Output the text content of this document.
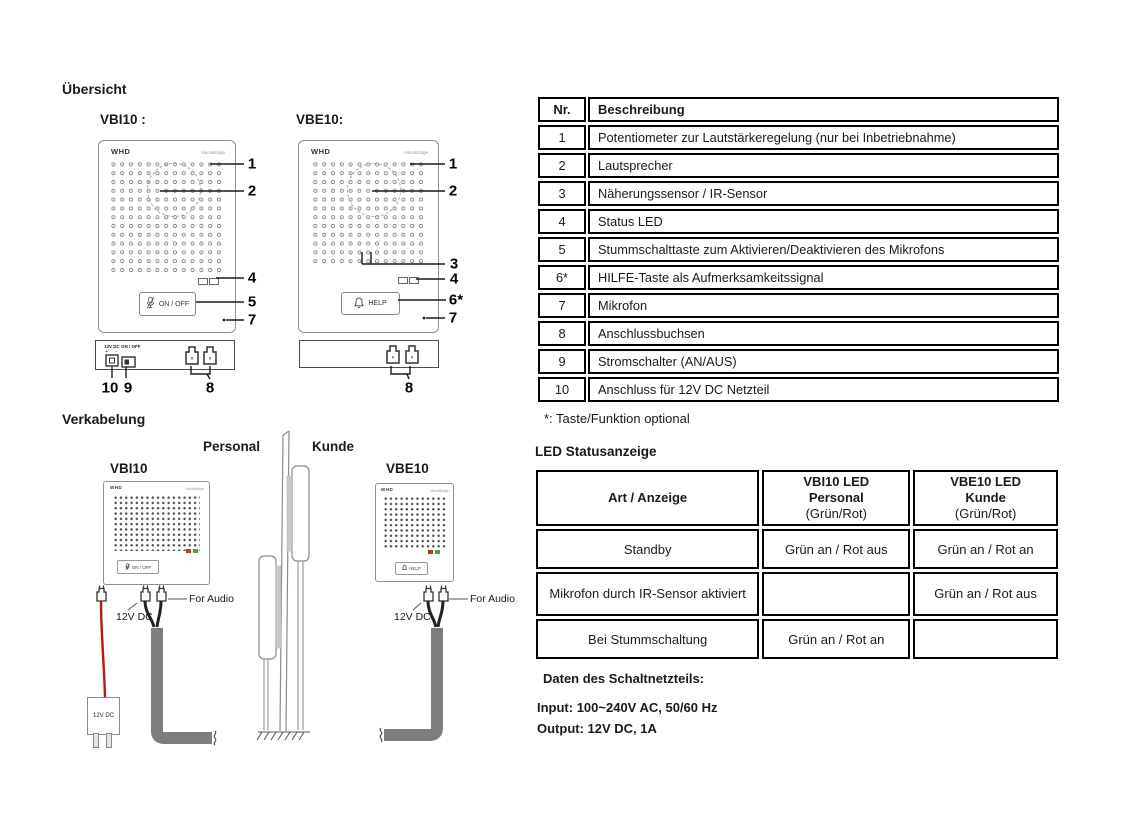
Übersicht
VBI10 :	VBE10:
Verkabelung
Personal	Kunde
VBI10	VBE10
WHD	VoiceBridge
ON / OFF
12V DC ON / OFF
+ -
WHD	VoiceBridge
HELP
1
2
4
5
7
10 9	8
1
2
3
4
6*
7
8
WHD	VoiceBridge
ON / OFF
WHD	VoiceBridge
HELP
For Audio
12V DC
For Audio
12V DC
12V DC
Nr.	Beschreibung
1	Potentiometer zur Lautstärkeregelung (nur bei Inbetriebnahme)
2	Lautsprecher
3	Näherungssensor / IR-Sensor
4	Status LED
5	Stummschalttaste zum Aktivieren/Deaktivieren des Mikrofons
6*	HILFE-Taste als Aufmerksamkeitssignal
7	Mikrofon
8	Anschlussbuchsen
9	Stromschalter (AN/AUS)
10	Anschluss für 12V DC Netzteil
*: Taste/Funktion optional
LED Statusanzeige
Art / Anzeige	VBI10 LED
Personal
(Grün/Rot)	VBE10 LED
Kunde
(Grün/Rot)

Standby	Grün an / Rot aus	Grün an / Rot an
Mikrofon durch IR-Sensor aktiviert		Grün an / Rot aus
Bei Stummschaltung	Grün an / Rot an	
Daten des Schaltnetzteils:
Input: 100~240V AC, 50/60 Hz
Output: 12V DC, 1A
